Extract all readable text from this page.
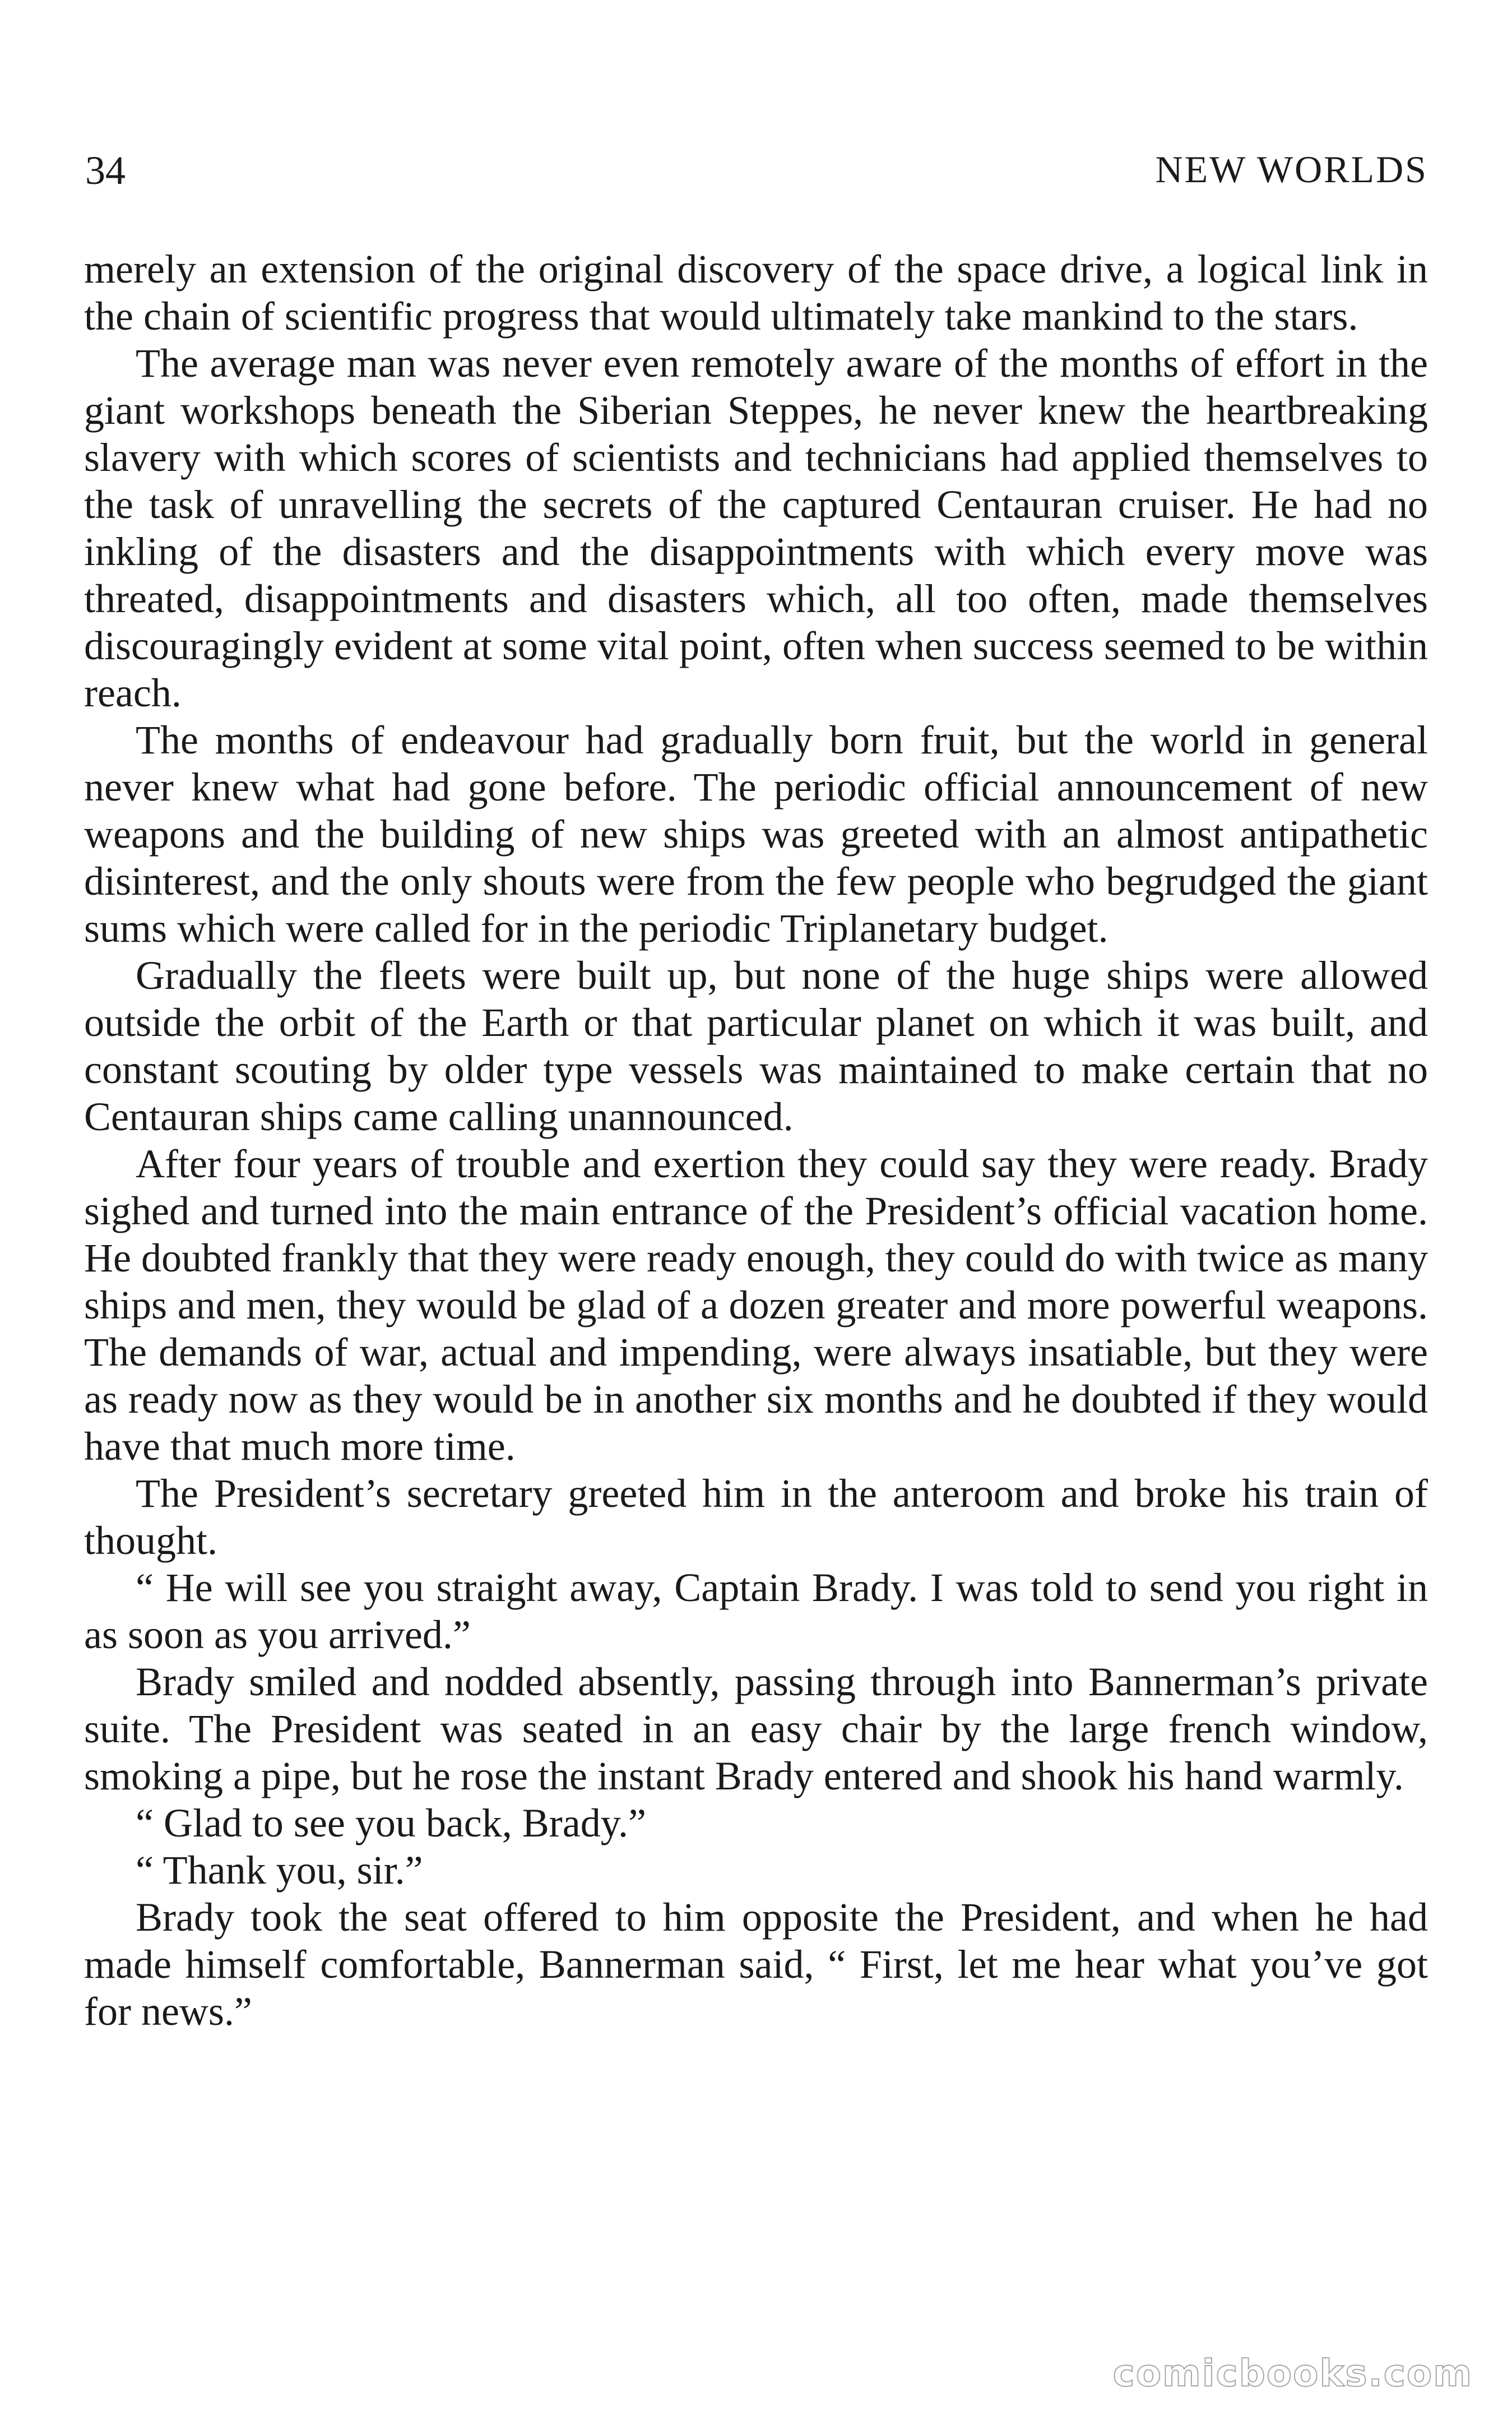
34	NEW WORLDS

merely an extension of the original discovery of the space drive, a logical link in the chain of scientific progress that would ultimately take mankind to the stars.

The average man was never even remotely aware of the months of effort in the giant workshops beneath the Siberian Steppes, he never knew the heartbreaking slavery with which scores of scientists and technicians had applied themselves to the task of unravelling the secrets of the captured Centauran cruiser. He had no inkling of the disasters and the disappointments with which every move was threated, disappointments and disasters which, all too often, made themselves discouragingly evident at some vital point, often when success seemed to be within reach.

The months of endeavour had gradually born fruit, but the world in general never knew what had gone before. The periodic official announcement of new weapons and the building of new ships was greeted with an almost antipathetic disinterest, and the only shouts were from the few people who begrudged the giant sums which were called for in the periodic Triplanetary budget.

Gradually the fleets were built up, but none of the huge ships were allowed outside the orbit of the Earth or that particular planet on which it was built, and constant scouting by older type vessels was maintained to make certain that no Centauran ships came calling unannounced.

After four years of trouble and exertion they could say they were ready. Brady sighed and turned into the main entrance of the President’s official vacation home. He doubted frankly that they were ready enough, they could do with twice as many ships and men, they would be glad of a dozen greater and more powerful weapons. The demands of war, actual and impending, were always insatiable, but they were as ready now as they would be in another six months and he doubted if they would have that much more time.

The President’s secretary greeted him in the anteroom and broke his train of thought.

“ He will see you straight away, Captain Brady. I was told to send you right in as soon as you arrived.”

Brady smiled and nodded absently, passing through into Bannerman’s private suite. The President was seated in an easy chair by the large french window, smoking a pipe, but he rose the instant Brady entered and shook his hand warmly.

“ Glad to see you back, Brady.”

“ Thank you, sir.”

Brady took the seat offered to him opposite the President, and when he had made himself comfortable, Bannerman said, “ First, let me hear what you’ve got for news.”

comicbooks.com
